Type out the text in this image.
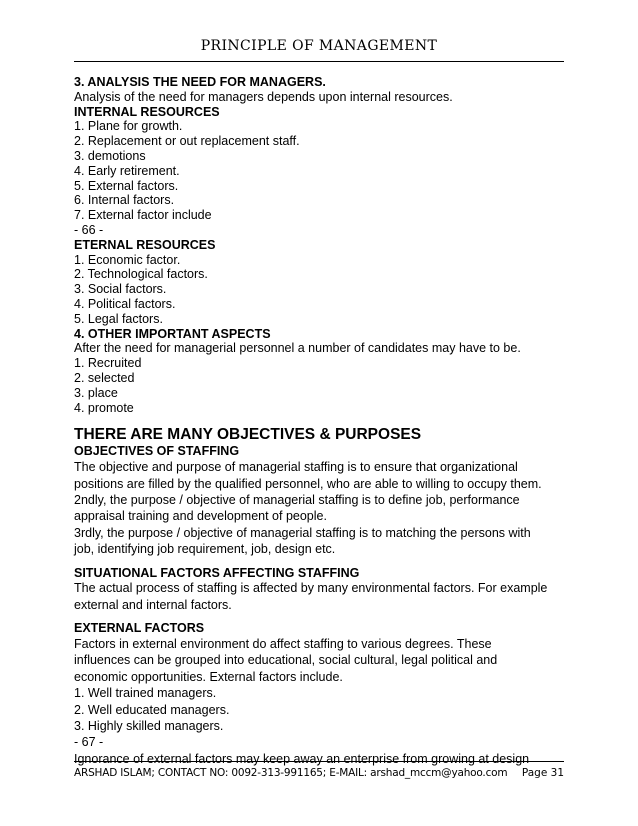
PRINCIPLE OF MANAGEMENT
3. ANALYSIS THE NEED FOR MANAGERS.
Analysis of the need for managers depends upon internal resources.
INTERNAL RESOURCES
1. Plane for growth.
2. Replacement or out replacement staff.
3. demotions
4. Early retirement.
5. External factors.
6. Internal factors.
7. External factor include
- 66 -
ETERNAL RESOURCES
1. Economic factor.
2. Technological factors.
3. Social factors.
4. Political factors.
5. Legal factors.
4. OTHER IMPORTANT ASPECTS
After the need for managerial personnel a number of candidates may have to be.
1. Recruited
2. selected
3. place
4. promote
THERE ARE MANY OBJECTIVES & PURPOSES
OBJECTIVES OF STAFFING
The objective and purpose of managerial staffing is to ensure that organizational
positions are filled by the qualified personnel, who are able to willing to occupy them.
2ndly, the purpose / objective of managerial staffing is to define job, performance
appraisal training and development of people.
3rdly, the purpose / objective of managerial staffing is to matching the persons with
job, identifying job requirement, job, design etc.
SITUATIONAL FACTORS AFFECTING STAFFING
The actual process of staffing is affected by many environmental factors. For example
external and internal factors.
EXTERNAL FACTORS
Factors in external environment do affect staffing to various degrees. These
influences can be grouped into educational, social cultural, legal political and
economic opportunities. External factors include.
1. Well trained managers.
2. Well educated managers.
3. Highly skilled managers.
- 67 -
Ignorance of external factors may keep away an enterprise from growing at design
ARSHAD ISLAM; CONTACT NO: 0092-313-991165; E-MAIL: arshad_mccm@yahoo.com Page 31
